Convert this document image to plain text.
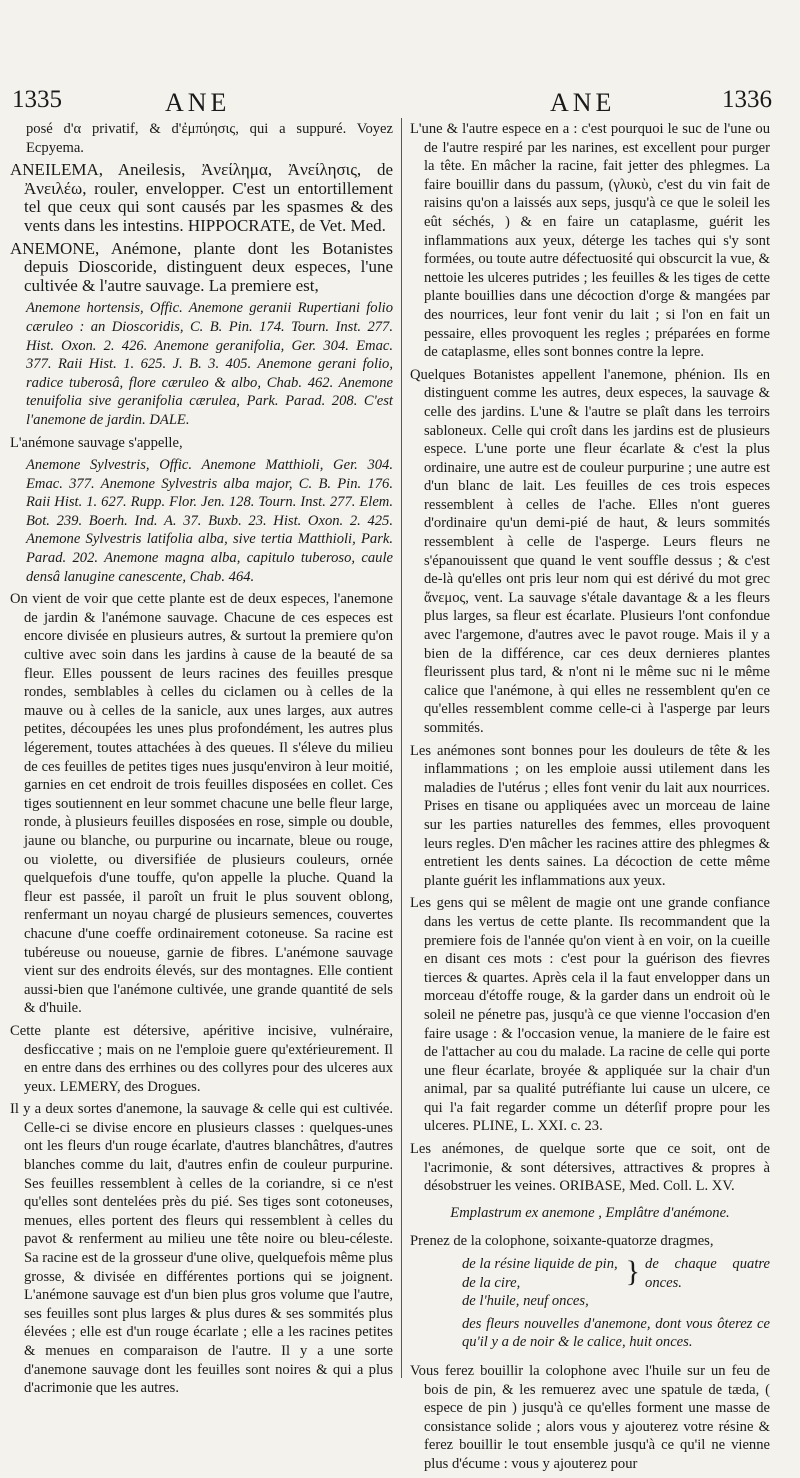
1335	ANE	ANE	1336

posé d'α privatif, & d'ἐμπύησις, qui a suppuré. Voyez Ecpyema.

ANEILEMA, Aneilesis, Ἀνείλημα, Ἀνείλησις, de Ἀνειλέω, rouler, envelopper. C'est un entortillement tel que ceux qui sont causés par les spasmes & des vents dans les intestins. HIPPOCRATE, de Vet. Med.

ANEMONE, Anémone, plante dont les Botanistes depuis Dioscoride, distinguent deux especes, l'une cultivée & l'autre sauvage. La premiere est,

Anemone hortensis, Offic. Anemone geranii Rupertiani folio cæruleo : an Dioscoridis, C. B. Pin. 174. Tourn. Inst. 277. Hist. Oxon. 2. 426. Anemone geranifolia, Ger. 304. Emac. 377. Raii Hist. 1. 625. J. B. 3. 405. Anemone gerani folio, radice tuberosâ, flore cæruleo & albo, Chab. 462. Anemone tenuifolia sive geranifolia cærulea, Park. Parad. 208. C'est l'anemone de jardin. DALE.

L'anémone sauvage s'appelle,

Anemone Sylvestris, Offic. Anemone Matthioli, Ger. 304. Emac. 377. Anemone Sylvestris alba major, C. B. Pin. 176. Raii Hist. 1. 627. Rupp. Flor. Jen. 128. Tourn. Inst. 277. Elem. Bot. 239. Boerh. Ind. A. 37. Buxb. 23. Hist. Oxon. 2. 425. Anemone Sylvestris latifolia alba, sive tertia Matthioli, Park. Parad. 202. Anemone magna alba, capitulo tuberoso, caule densâ lanugine canescente, Chab. 464.

On vient de voir que cette plante est de deux especes, l'anemone de jardin & l'anémone sauvage. Chacune de ces especes est encore divisée en plusieurs autres, & surtout la premiere qu'on cultive avec soin dans les jardins à cause de la beauté de sa fleur. Elles poussent de leurs racines des feuilles presque rondes, semblables à celles du ciclamen ou à celles de la mauve ou à celles de la sanicle, aux unes larges, aux autres petites, découpées les unes plus profondément, les autres plus légerement, toutes attachées à des queues. Il s'éleve du milieu de ces feuilles de petites tiges nues jusqu'environ à leur moitié, garnies en cet endroit de trois feuilles disposées en collet. Ces tiges soutiennent en leur sommet chacune une belle fleur large, ronde, à plusieurs feuilles disposées en rose, simple ou double, jaune ou blanche, ou purpurine ou incarnate, bleue ou rouge, ou violette, ou diversifiée de plusieurs couleurs, ornée quelquefois d'une touffe, qu'on appelle la pluche. Quand la fleur est passée, il paroît un fruit le plus souvent oblong, renfermant un noyau chargé de plusieurs semences, couvertes chacune d'une coeffe ordinairement cotoneuse. Sa racine est tubéreuse ou noueuse, garnie de fibres. L'anémone sauvage vient sur des endroits élevés, sur des montagnes. Elle contient aussi-bien que l'anémone cultivée, une grande quantité de sels & d'huile.

Cette plante est détersive, apéritive incisive, vulnéraire, desficcative ; mais on ne l'emploie guere qu'extérieurement. Il en entre dans des errhines ou des collyres pour des ulceres aux yeux. LEMERY, des Drogues.

Il y a deux sortes d'anemone, la sauvage & celle qui est cultivée. Celle-ci se divise encore en plusieurs classes : quelques-unes ont les fleurs d'un rouge écarlate, d'autres blanchâtres, d'autres blanches comme du lait, d'autres enfin de couleur purpurine. Ses feuilles ressemblent à celles de la coriandre, si ce n'est qu'elles sont dentelées près du pié. Ses tiges sont cotoneuses, menues, elles portent des fleurs qui ressemblent à celles du pavot & renferment au milieu une tête noire ou bleu-céleste. Sa racine est de la grosseur d'une olive, quelquefois même plus grosse, & divisée en différentes portions qui se joignent. L'anémone sauvage est d'un bien plus gros volume que l'autre, ses feuilles sont plus larges & plus dures & ses sommités plus élevées ; elle est d'un rouge écarlate ; elle a les racines petites & menues en comparaison de l'autre. Il y a une sorte d'anemone sauvage dont les feuilles sont noires & qui a plus d'acrimonie que les autres.

L'une & l'autre espece en a : c'est pourquoi le suc de l'une ou de l'autre respiré par les narines, est excellent pour purger la tête. En mâcher la racine, fait jetter des phlegmes. La faire bouillir dans du passum, (γλυκὺ, c'est du vin fait de raisins qu'on a laissés aux seps, jusqu'à ce que le soleil les eût séchés, ) & en faire un cataplasme, guérit les inflammations aux yeux, déterge les taches qui s'y sont formées, ou toute autre défectuosité qui obscurcit la vue, & nettoie les ulceres putrides ; les feuilles & les tiges de cette plante bouillies dans une décoction d'orge & mangées par des nourrices, leur font venir du lait ; si l'on en fait un pessaire, elles provoquent les regles ; préparées en forme de cataplasme, elles sont bonnes contre la lepre.

Quelques Botanistes appellent l'anemone, phénion. Ils en distinguent comme les autres, deux especes, la sauvage & celle des jardins. L'une & l'autre se plaît dans les terroirs sabloneux. Celle qui croît dans les jardins est de plusieurs espece. L'une porte une fleur écarlate & c'est la plus ordinaire, une autre est de couleur purpurine ; une autre est d'un blanc de lait. Les feuilles de ces trois especes ressemblent à celles de l'ache. Elles n'ont gueres d'ordinaire qu'un demi-pié de haut, & leurs sommités ressemblent à celle de l'asperge. Leurs fleurs ne s'épanouissent que quand le vent souffle dessus ; & c'est de-là qu'elles ont pris leur nom qui est dérivé du mot grec ἄνεμος, vent. La sauvage s'étale davantage & a les fleurs plus larges, sa fleur est écarlate. Plusieurs l'ont confondue avec l'argemone, d'autres avec le pavot rouge. Mais il y a bien de la différence, car ces deux dernieres plantes fleurissent plus tard, & n'ont ni le même suc ni le même calice que l'anémone, à qui elles ne ressemblent qu'en ce qu'elles ressemblent comme celle-ci à l'asperge par leurs sommités.

Les anémones sont bonnes pour les douleurs de tête & les inflammations ; on les emploie aussi utilement dans les maladies de l'utérus ; elles font venir du lait aux nourrices. Prises en tisane ou appliquées avec un morceau de laine sur les parties naturelles des femmes, elles provoquent leurs regles. D'en mâcher les racines attire des phlegmes & entretient les dents saines. La décoction de cette même plante guérit les inflammations aux yeux.

Les gens qui se mêlent de magie ont une grande confiance dans les vertus de cette plante. Ils recommandent que la premiere fois de l'année qu'on vient à en voir, on la cueille en disant ces mots : c'est pour la guérison des fievres tierces & quartes. Après cela il la faut envelopper dans un morceau d'étoffe rouge, & la garder dans un endroit où le soleil ne pénetre pas, jusqu'à ce que vienne l'occasion d'en faire usage : & l'occasion venue, la maniere de le faire est de l'attacher au cou du malade. La racine de celle qui porte une fleur écarlate, broyée & appliquée sur la chair d'un animal, par sa qualité putréfiante lui cause un ulcere, ce qui l'a fait regarder comme un déterſif propre pour les ulceres. PLINE, L. XXI. c. 23.

Les anémones, de quelque sorte que ce soit, ont de l'acrimonie, & sont détersives, attractives & propres à désobstruer les veines. ORIBASE, Med. Coll. L. XV.

Emplastrum ex anemone , Emplâtre d'anémone.

Prenez de la colophone, soixante-quatorze dragmes,

de la résine liquide de pin,
de la cire,	} de chaque quatre onces.

de l'huile, neuf onces,

des fleurs nouvelles d'anemone, dont vous ôterez ce qu'il y a de noir & le calice, huit onces.

Vous ferez bouillir la colophone avec l'huile sur un feu de bois de pin, & les remuerez avec une spatule de tæda, ( espece de pin ) jusqu'à ce qu'elles forment une masse de consistance solide ; alors vous y ajouterez votre résine & ferez bouillir le tout ensemble jusqu'à ce qu'il ne vienne plus d'écume : vous y ajouterez pour
